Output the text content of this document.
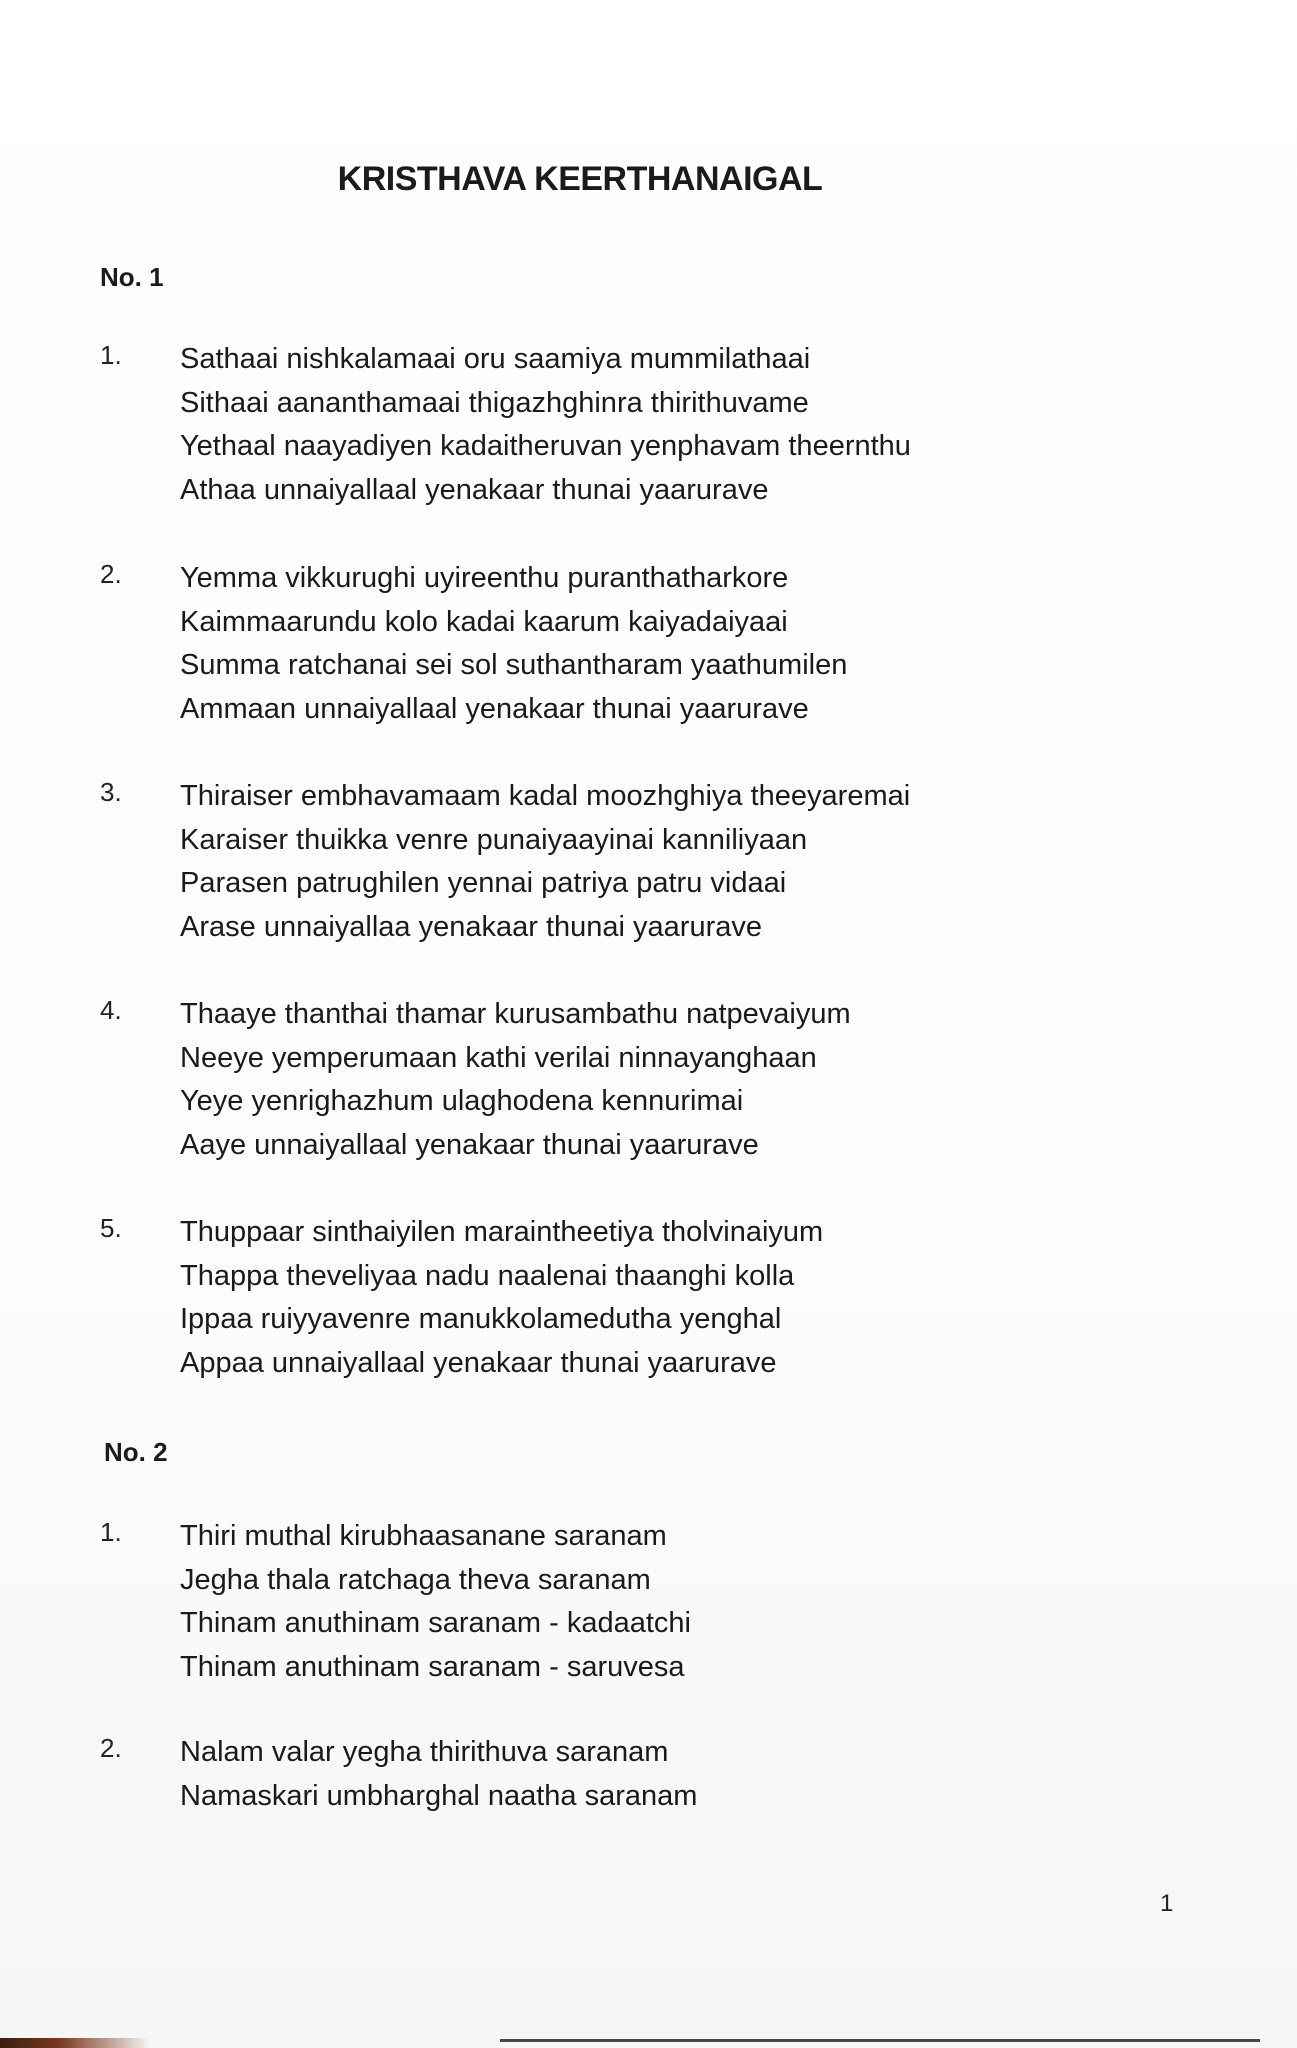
KRISTHAVA KEERTHANAIGAL
No. 1
1. Sathaai nishkalamaai oru saamiya mummilathaai
Sithaai aananthamaai thigazhghinra thirithuvame
Yethaal naayadiyen kadaitheruvan yenphavam theernthu
Athaa unnaiyallaal yenakaar thunai yaarurave
2. Yemma vikkurughi uyireenthu puranthatharkore
Kaimmaarundu kolo kadai kaarum kaiyadaiyaai
Summa ratchanai sei sol suthantharam yaathumilen
Ammaan unnaiyallaal yenakaar thunai yaarurave
3. Thiraiser embhavamaam kadal moozhghiya theeyaremai
Karaiser thuikka venre punaiyaayinai kanniliyaan
Parasen patrughilen yennai patriya patru vidaai
Arase unnaiyallaa yenakaar thunai yaarurave
4. Thaaye thanthai thamar kurusambathu natpevaiyum
Neeye yemperumaan kathi verilai ninnayanghaan
Yeye yenrighazhum ulaghodena kennurimai
Aaye unnaiyallaal yenakaar thunai yaarurave
5. Thuppaar sinthaiyilen maraintheetiya tholvinaiyum
Thappa theveliyaa nadu naalenai thaanghi kolla
Ippaa ruiyyavenre manukkolamedutha yenghal
Appaa unnaiyallaal yenakaar thunai yaarurave
No. 2
1. Thiri muthal kirubhaasanane saranam
Jegha thala ratchaga theva saranam
Thinam anuthinam saranam - kadaatchi
Thinam anuthinam saranam - saruvesa
2. Nalam valar yegha thirithuva saranam
Namaskari umbharghal naatha saranam
1
